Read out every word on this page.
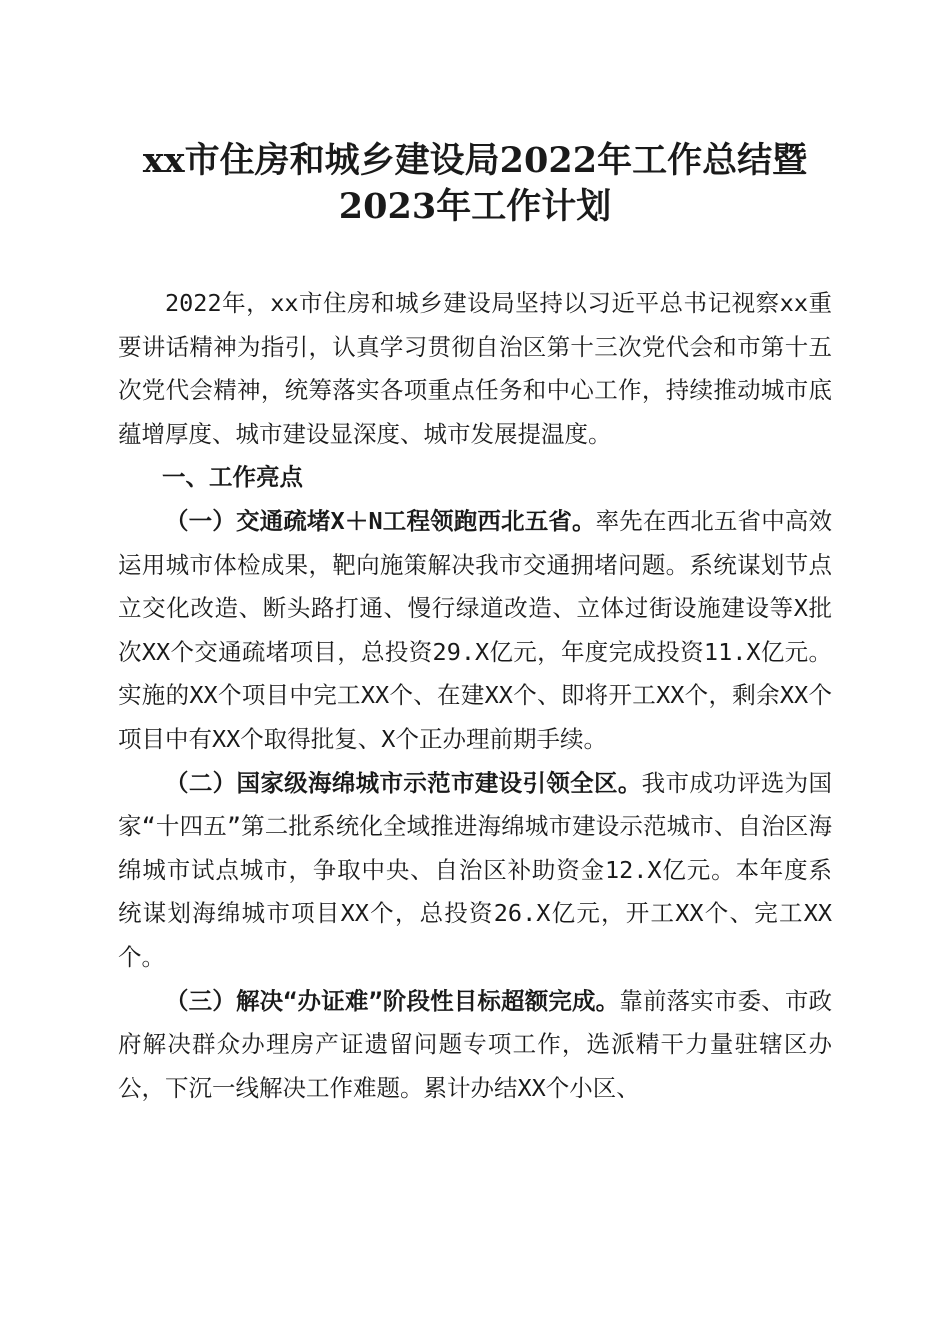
xx市住房和城乡建设局2022年工作总结暨
2023年工作计划

2022年，xx市住房和城乡建设局坚持以习近平总书记视察xx重要讲话精神为指引，认真学习贯彻自治区第十三次党代会和市第十五次党代会精神，统筹落实各项重点任务和中心工作，持续推动城市底蕴增厚度、城市建设显深度、城市发展提温度。

一、工作亮点

（一）交通疏堵X＋N工程领跑西北五省。率先在西北五省中高效运用城市体检成果，靶向施策解决我市交通拥堵问题。系统谋划节点立交化改造、断头路打通、慢行绿道改造、立体过街设施建设等X批次XX个交通疏堵项目，总投资29.X亿元，年度完成投资11.X亿元。实施的XX个项目中完工XX个、在建XX个、即将开工XX个，剩余XX个项目中有XX个取得批复、X个正办理前期手续。

（二）国家级海绵城市示范市建设引领全区。我市成功评选为国家“十四五”第二批系统化全域推进海绵城市建设示范城市、自治区海绵城市试点城市，争取中央、自治区补助资金12.X亿元。本年度系统谋划海绵城市项目XX个，总投资26.X亿元，开工XX个、完工XX个。

（三）解决“办证难”阶段性目标超额完成。靠前落实市委、市政府解决群众办理房产证遗留问题专项工作，选派精干力量驻辖区办公，下沉一线解决工作难题。累计办结XX个小区、
